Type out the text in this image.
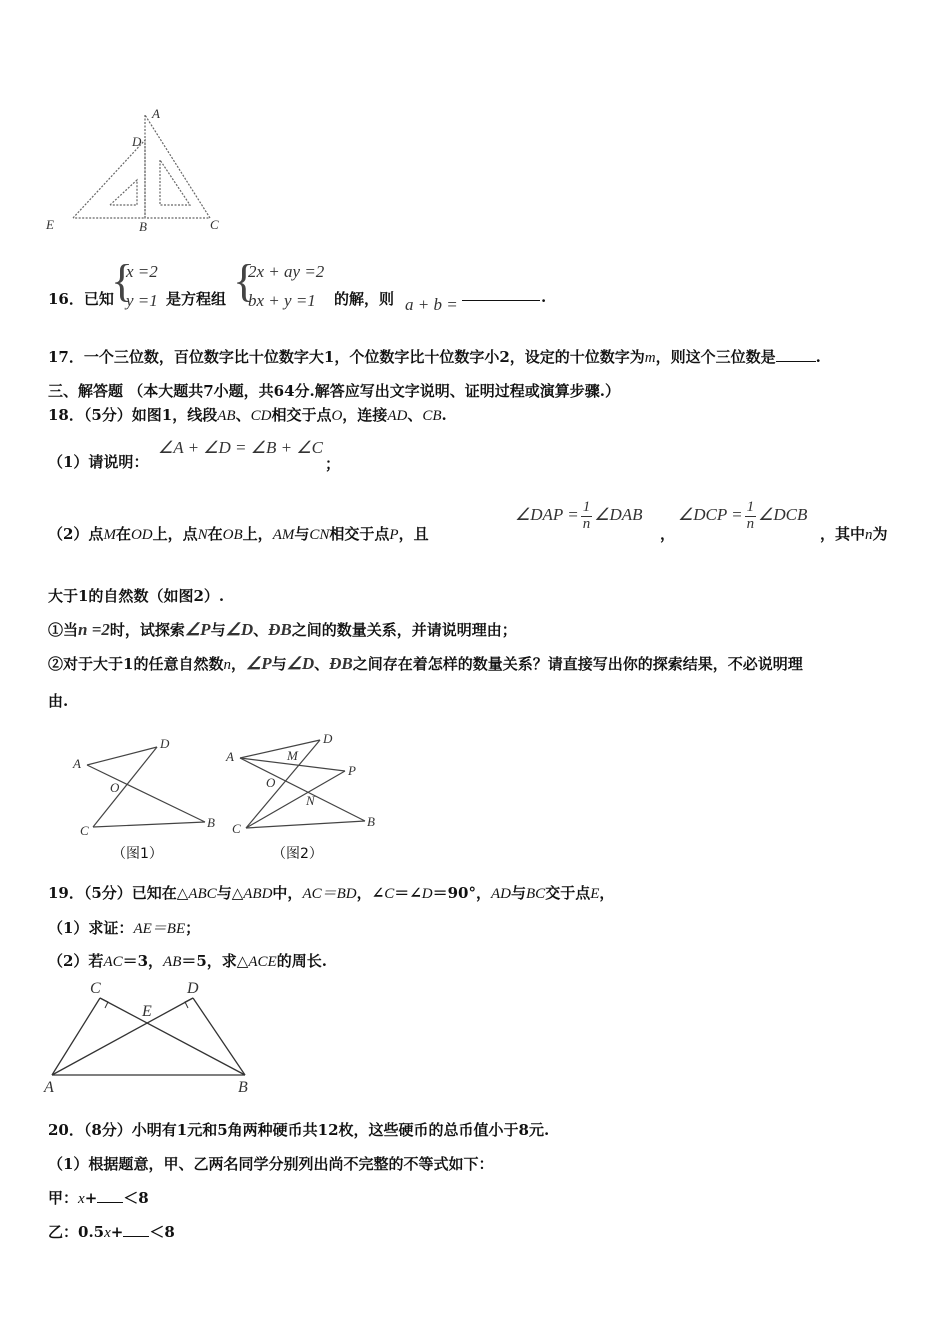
A
D
E	B	C
16．已知
{
x =2
y =1 是方程组 {
2x + ay =2
bx + y =1 的解，则 a + b =	.
17．一个三位数，百位数字比十位数字大1，个位数字比十位数字小2，设定的十位数字为m，则这个三位数是	.
三、解答题 （本大题共7小题，共64分.解答应写出文字说明、证明过程或演算步骤.）
18．（5分）如图1，线段AB、CD相交于点O，连接AD、CB.
（1）请说明：
∠A + ∠D = ∠B + ∠C
；
（2）点M在OD上，点N在OB上，AM与CN相交于点P，且
∠DAP = $\frac{1}{n}$ ∠DAB
，
∠DCP = $\frac{1}{n}$ ∠DCB
，其中n为
大于1的自然数（如图2）.
①当n =2时，试探索∠P与∠D、ÐB之间的数量关系，并请说明理由；
②对于大于1的任意自然数n，∠P与∠D、ÐB之间存在着怎样的数量关系？请直接写出你的探索结果，不必说明理
由.
A
D
O
C
B
（图1）
A
D
M
P
O
N
C	B
（图2）
19．（5分）已知在△ABC与△ABD中，AC＝BD，∠C＝∠D＝90°，AD与BC交于点E，
（1）求证：AE＝BE；
（2）若AC＝3，AB＝5，求△ACE的周长.
C	D
E
A	B
20．（8分）小明有1元和5角两种硬币共12枚，这些硬币的总币值小于8元.
（1）根据题意，甲、乙两名同学分别列出尚不完整的不等式如下：
甲：x+ ＜8
乙：0.5x+ ＜8
